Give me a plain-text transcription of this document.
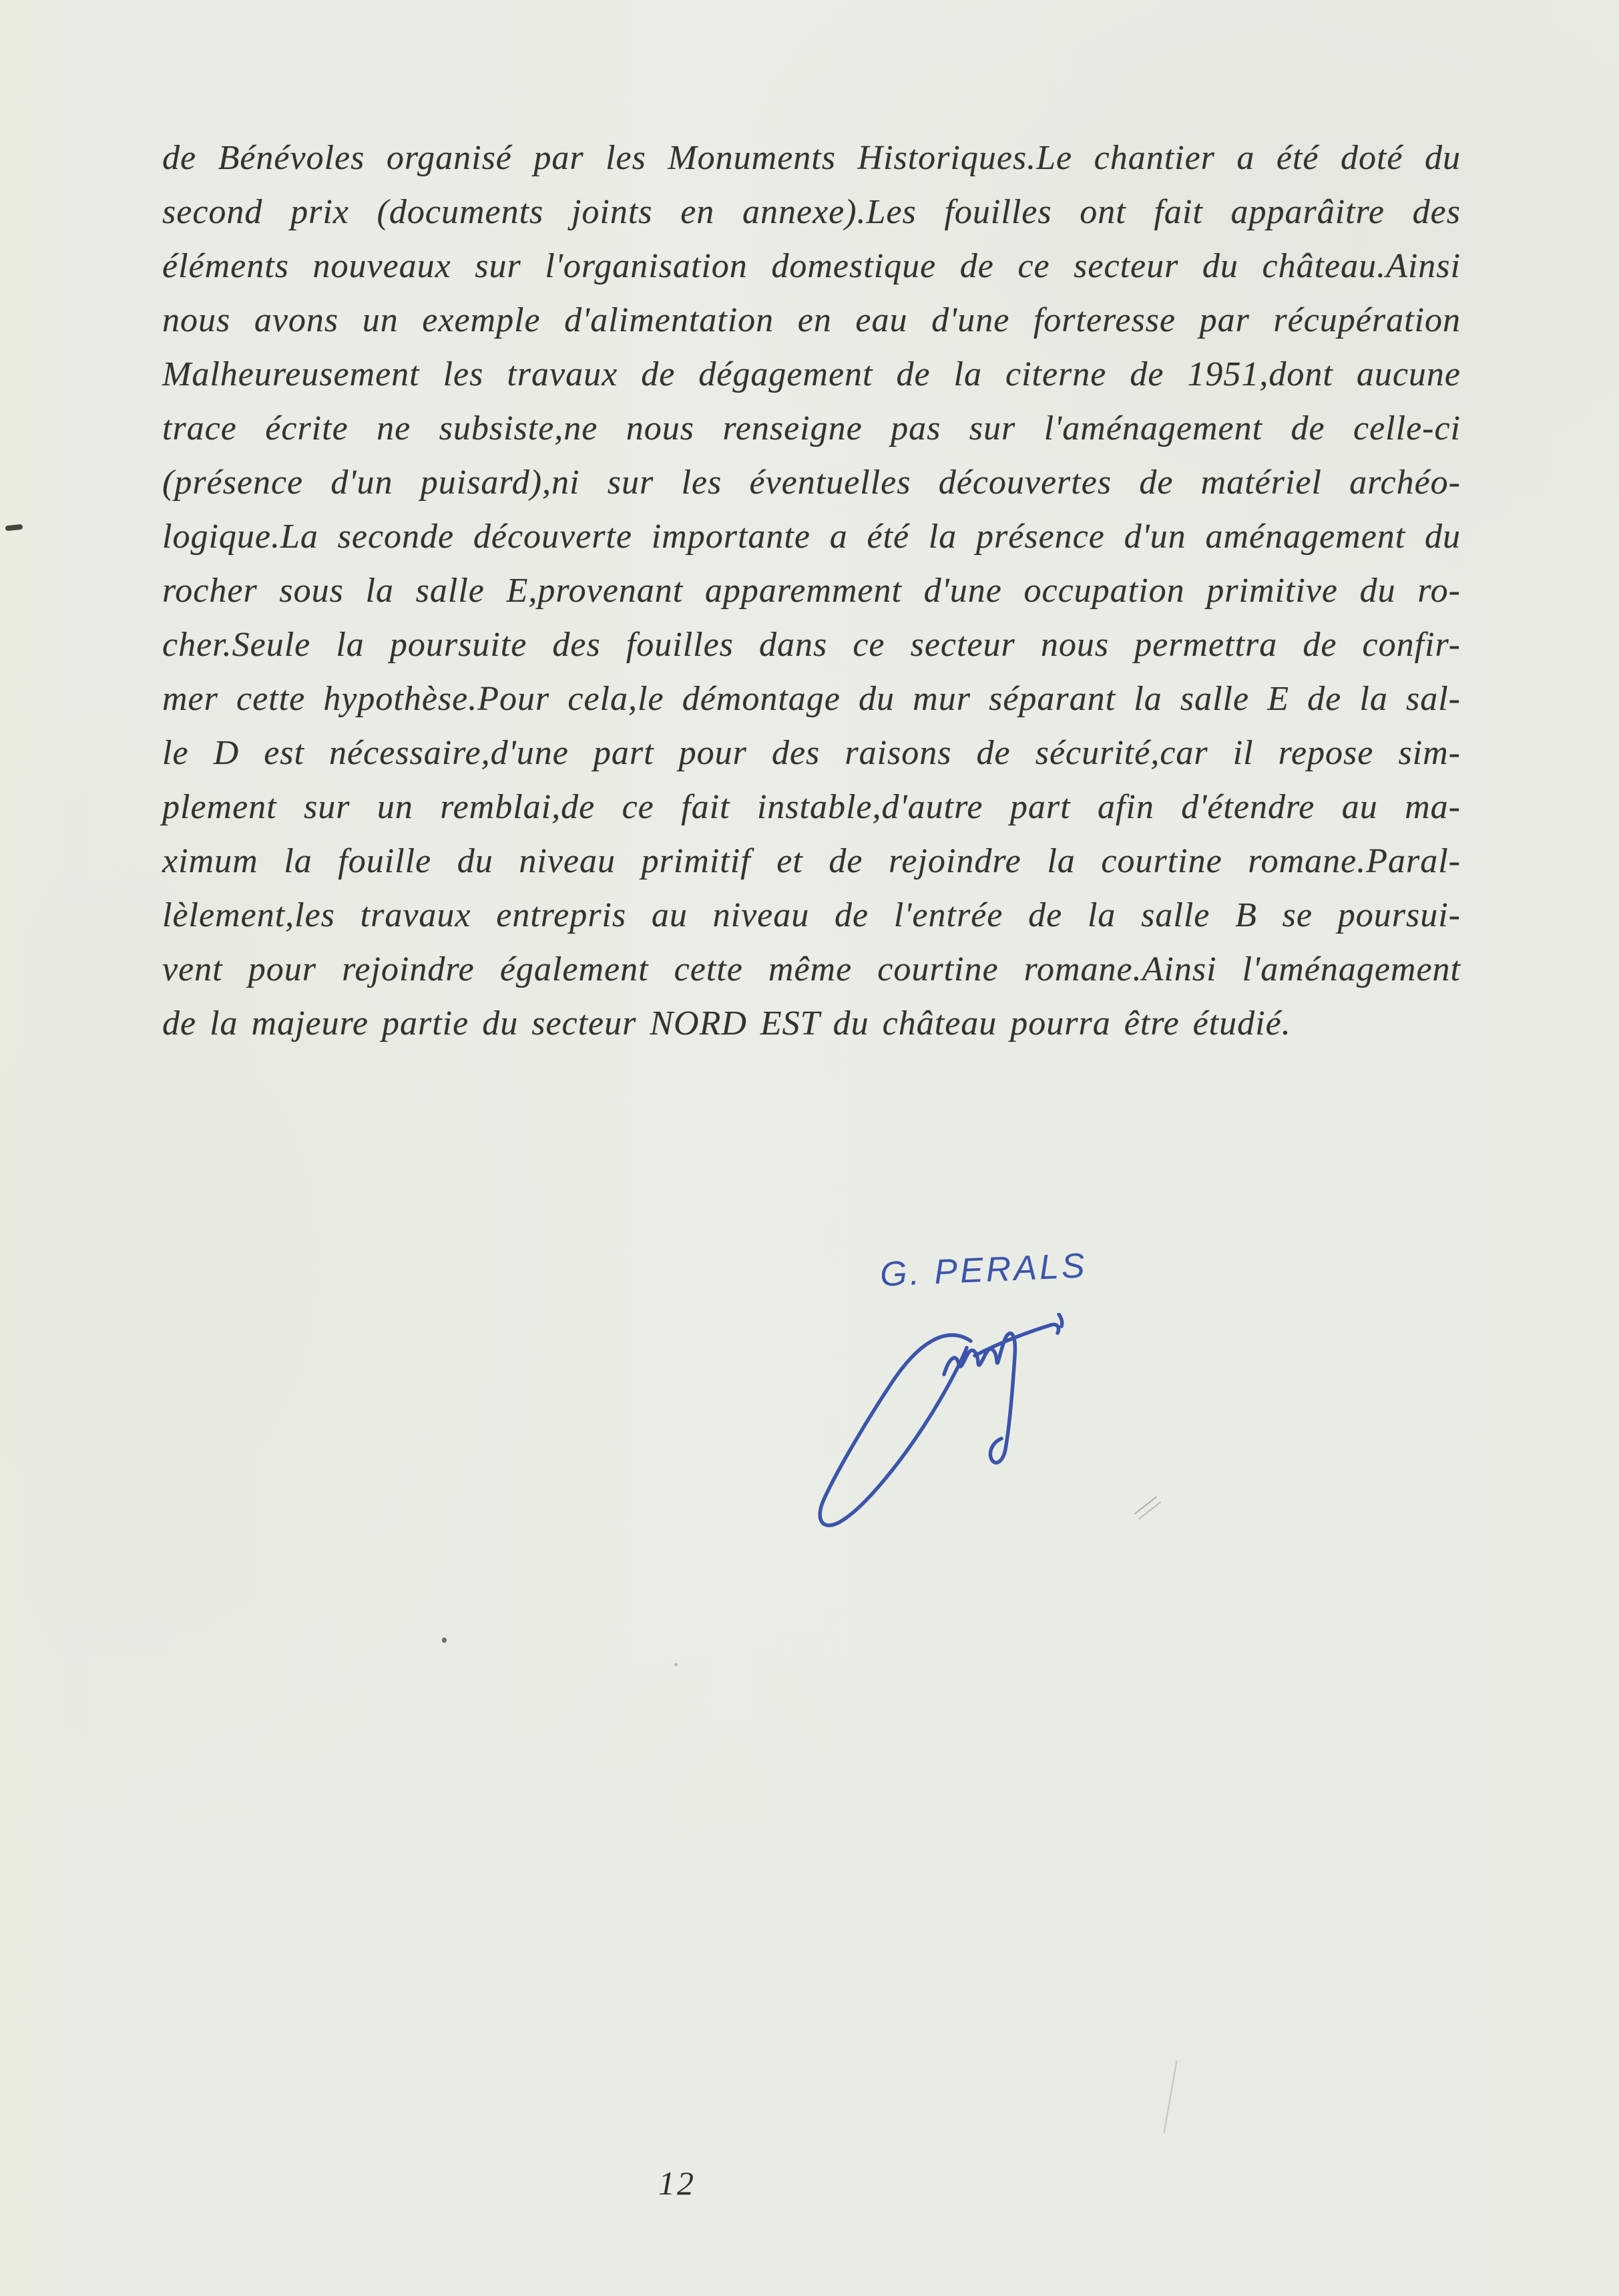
de Bénévoles organisé par les Monuments Historiques.Le chantier a été doté du
second prix (documents joints en annexe).Les fouilles ont fait apparâitre des
éléments nouveaux sur l'organisation domestique de ce secteur du château.Ainsi
nous avons un exemple d'alimentation en eau d'une forteresse par récupération
Malheureusement les travaux de dégagement de la citerne de 1951,dont aucune
trace écrite ne subsiste,ne nous renseigne pas sur l'aménagement de celle-ci
(présence d'un puisard),ni sur les éventuelles découvertes de matériel archéo-
logique.La seconde découverte importante a été la présence d'un aménagement du
rocher sous la salle E,provenant apparemment d'une occupation primitive du ro-
cher.Seule la poursuite des fouilles dans ce secteur nous permettra de confir-
mer cette hypothèse.Pour cela,le démontage du mur séparant la salle E de la sal-
le D est nécessaire,d'une part pour des raisons de sécurité,car il repose sim-
plement sur un remblai,de ce fait instable,d'autre part afin d'étendre au ma-
ximum la fouille du niveau primitif et de rejoindre la courtine romane.Paral-
lèlement,les travaux entrepris au niveau de l'entrée de la salle B se poursui-
vent pour rejoindre également cette même courtine romane.Ainsi l'aménagement
de la majeure partie du secteur NORD EST du château pourra être étudié.
G. PERALS
12
